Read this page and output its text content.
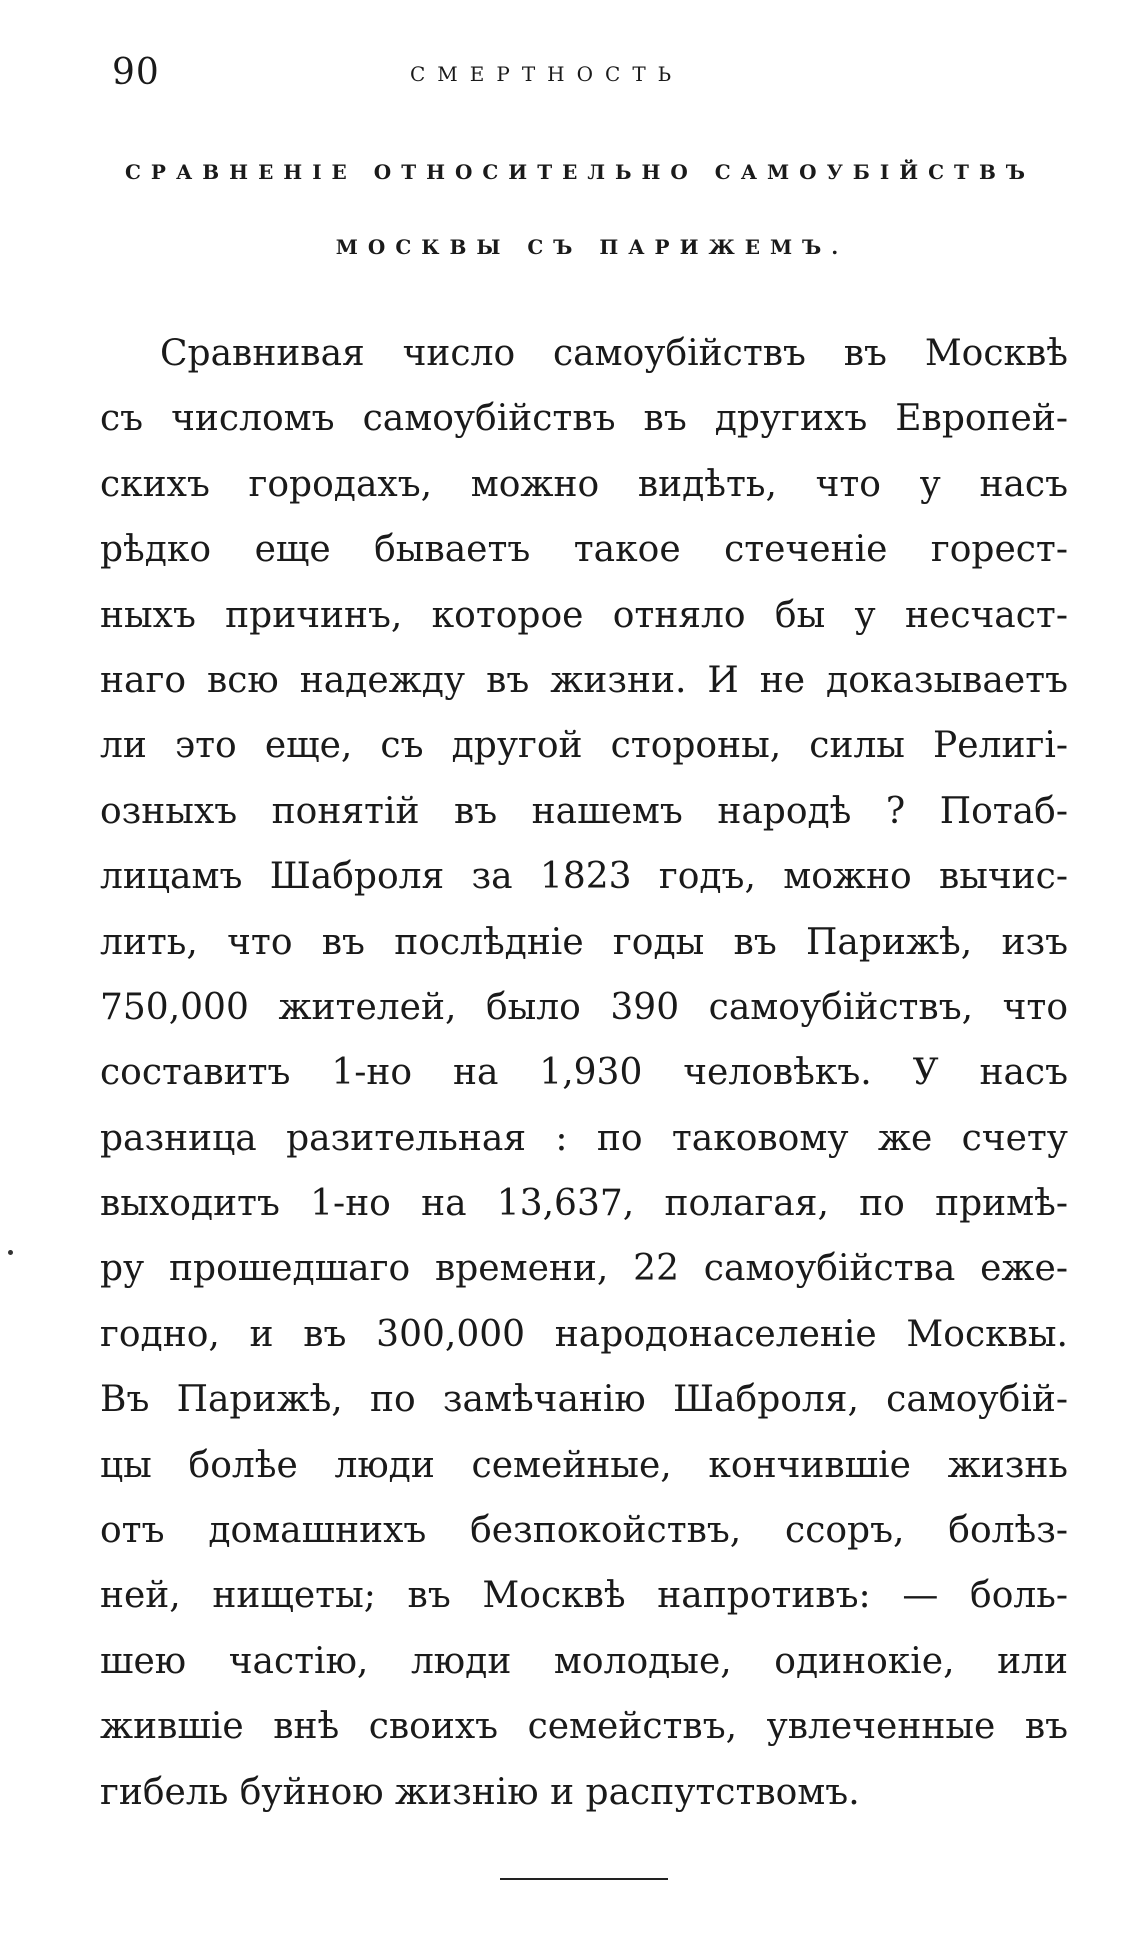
90	СМЕРТНОСТЬ
СРАВНЕНІЕ ОТНОСИТЕЛЬНО САМОУБІЙСТВЪ
МОСКВЫ СЪ ПАРИЖЕМЪ.
Сравнивая число самоубійствъ въ Москвѣ
съ числомъ самоубійствъ въ другихъ Европей-
скихъ городахъ, можно видѣть, что у насъ
рѣдко еще бываетъ такое стеченіе горест-
ныхъ причинъ, которое отняло бы у несчаст-
наго всю надежду въ жизни. И не доказываетъ
ли это еще, съ другой стороны, силы Религі-
озныхъ понятій въ нашемъ народѣ ? Потаб-
лицамъ Шаброля за 1823 годъ, можно вычис-
лить, что въ послѣдніе годы въ Парижѣ, изъ
750,000 жителей, было 390 самоубійствъ, что
составитъ 1-но на 1,930 человѣкъ. У насъ
разница разительная : по таковому же счету
выходитъ 1-но на 13,637, полагая, по примѣ-
ру прошедшаго времени, 22 самоубійства еже-
годно, и въ 300,000 народонаселеніе Москвы.
Въ Парижѣ, по замѣчанію Шаброля, самоубій-
цы болѣе люди семейные, кончившіе жизнь
отъ домашнихъ безпокойствъ, ссоръ, болѣз-
ней, нищеты; въ Москвѣ напротивъ: — боль-
шею частію, люди молодые, одинокіе, или
жившіе внѣ своихъ семействъ, увлеченные въ
гибель буйною жизнію и распутствомъ.
